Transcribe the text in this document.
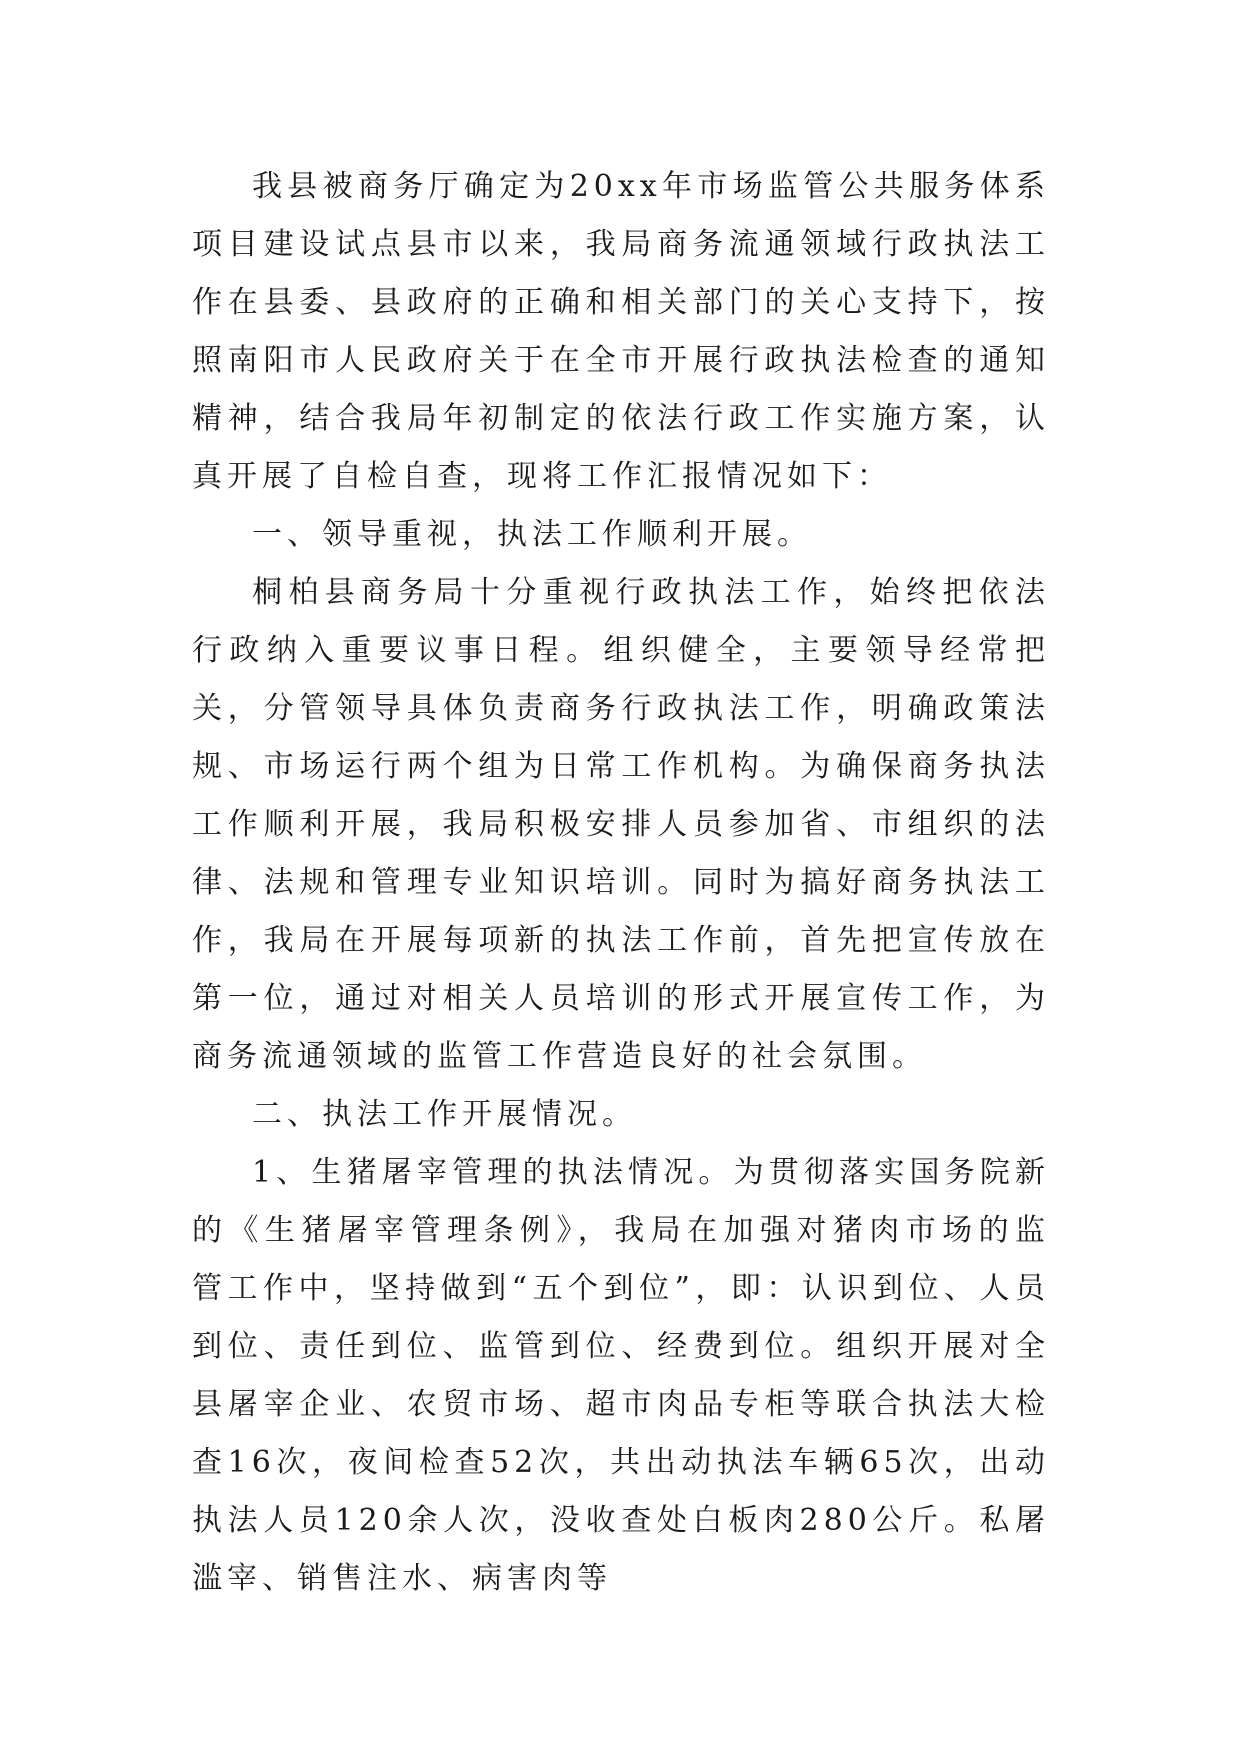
我县被商务厅确定为20xx年市场监管公共服务体系项目建设试点县市以来，我局商务流通领域行政执法工作在县委、县政府的正确和相关部门的关心支持下，按照南阳市人民政府关于在全市开展行政执法检查的通知精神，结合我局年初制定的依法行政工作实施方案，认真开展了自检自查，现将工作汇报情况如下：

一、领导重视，执法工作顺利开展。

桐柏县商务局十分重视行政执法工作，始终把依法行政纳入重要议事日程。组织健全，主要领导经常把关，分管领导具体负责商务行政执法工作，明确政策法规、市场运行两个组为日常工作机构。为确保商务执法工作顺利开展，我局积极安排人员参加省、市组织的法律、法规和管理专业知识培训。同时为搞好商务执法工作，我局在开展每项新的执法工作前，首先把宣传放在第一位，通过对相关人员培训的形式开展宣传工作，为商务流通领域的监管工作营造良好的社会氛围。

二、执法工作开展情况。

1、生猪屠宰管理的执法情况。为贯彻落实国务院新的《生猪屠宰管理条例》，我局在加强对猪肉市场的监管工作中，坚持做到“五个到位”，即：认识到位、人员到位、责任到位、监管到位、经费到位。组织开展对全县屠宰企业、农贸市场、超市肉品专柜等联合执法大检查16次，夜间检查52次，共出动执法车辆65次，出动执法人员120余人次，没收查处白板肉280公斤。私屠滥宰、销售注水、病害肉等
